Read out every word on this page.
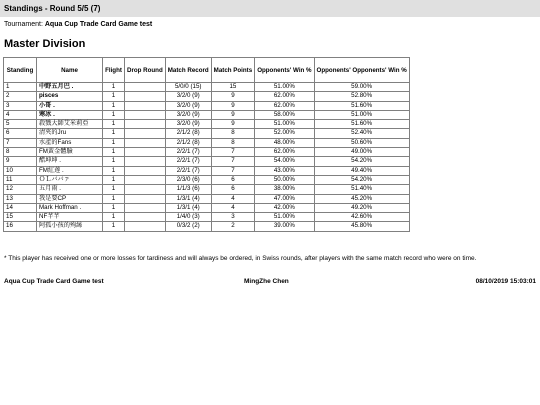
Standings - Round 5/5 (7)
Tournament: Aqua Cup Trade Card Game test
Master Division
Standing	Name	Flight	Drop Round	Match Record	Match Points	Opponents' Win %	Opponents' Opponents' Win %
1	中野五月巴 .	1		5/0/0 (15)	15	51.00%	59.00%
2	pisces	1		3/2/0 (9)	9	62.00%	52.80%
3	小哥 .	1		3/2/0 (9)	9	62.00%	51.60%
4	寒冰 .	1		3/2/0 (9)	9	58.00%	51.00%
5	殺戮大師艾米莉亞	1		3/2/0 (9)	9	51.00%	51.60%
6	清夾的Jru	1		2/1/2 (8)	8	52.00%	52.40%
7	水產的Fans	1		2/1/2 (8)	8	48.00%	50.60%
8	FM黃金體驗	1		2/2/1 (7)	7	62.00%	49.00%
9	醋坤坤 .	1		2/2/1 (7)	7	54.00%	54.20%
10	FM紅莲 .	1		2/2/1 (7)	7	43.00%	49.40%
11	ＯＬババァ	1		2/3/0 (6)	6	50.00%	54.20%
12	五月雨 .	1		1/1/3 (6)	6	38.00%	51.40%
13	我是要CP	1		1/3/1 (4)	4	47.00%	45.20%
14	Mark Hoffman .	1		1/3/1 (4)	4	42.00%	49.20%
15	NF芊芊	1		1/4/0 (3)	3	51.00%	42.60%
16	阿孤小孩的殉絲	1		0/3/2 (2)	2	39.00%	45.80%
* This player has received one or more losses for tardiness and will always be ordered, in Swiss rounds, after players with the same match record who were on time.
Aqua Cup Trade Card Game test	MingZhe Chen	08/10/2019 15:03:01
